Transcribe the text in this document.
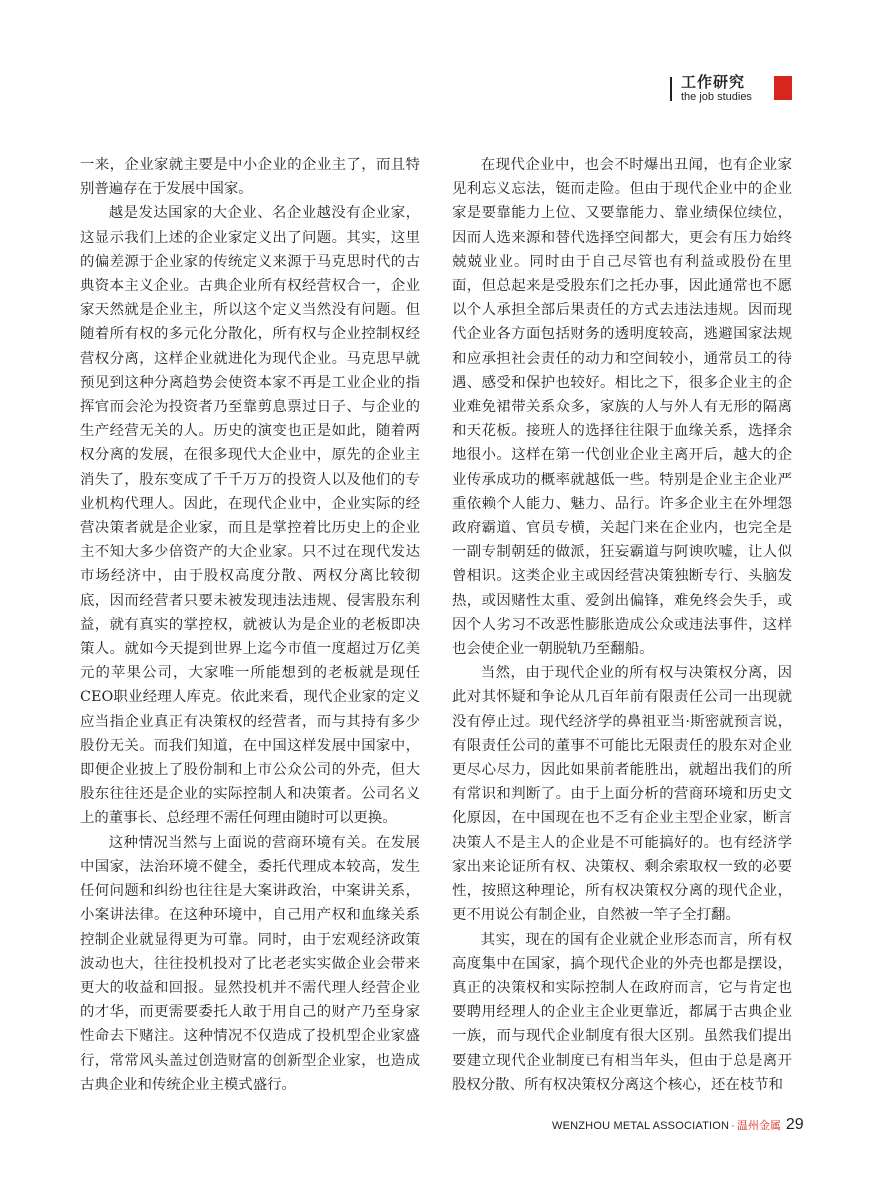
工作研究
the job studies

一来，企业家就主要是中小企业的企业主了，而且特别普遍存在于发展中国家。

越是发达国家的大企业、名企业越没有企业家，这显示我们上述的企业家定义出了问题。其实，这里的偏差源于企业家的传统定义来源于马克思时代的古典资本主义企业。古典企业所有权经营权合一，企业家天然就是企业主，所以这个定义当然没有问题。但随着所有权的多元化分散化，所有权与企业控制权经营权分离，这样企业就进化为现代企业。马克思早就预见到这种分离趋势会使资本家不再是工业企业的指挥官而会沦为投资者乃至靠剪息票过日子、与企业的生产经营无关的人。历史的演变也正是如此，随着两权分离的发展，在很多现代大企业中，原先的企业主消失了，股东变成了千千万万的投资人以及他们的专业机构代理人。因此，在现代企业中，企业实际的经营决策者就是企业家，而且是掌控着比历史上的企业主不知大多少倍资产的大企业家。只不过在现代发达市场经济中，由于股权高度分散、两权分离比较彻底，因而经营者只要未被发现违法违规、侵害股东利益，就有真实的掌控权，就被认为是企业的老板即决策人。就如今天提到世界上迄今市值一度超过万亿美元的苹果公司，大家唯一所能想到的老板就是现任CEO职业经理人库克。依此来看，现代企业家的定义应当指企业真正有决策权的经营者，而与其持有多少股份无关。而我们知道，在中国这样发展中国家中，即便企业披上了股份制和上市公众公司的外壳，但大股东往往还是企业的实际控制人和决策者。公司名义上的董事长、总经理不需任何理由随时可以更换。

这种情况当然与上面说的营商环境有关。在发展中国家，法治环境不健全，委托代理成本较高，发生任何问题和纠纷也往往是大案讲政治，中案讲关系，小案讲法律。在这种环境中，自己用产权和血缘关系控制企业就显得更为可靠。同时，由于宏观经济政策波动也大，往往投机投对了比老老实实做企业会带来更大的收益和回报。显然投机并不需代理人经营企业的才华，而更需要委托人敢于用自己的财产乃至身家性命去下赌注。这种情况不仅造成了投机型企业家盛行，常常风头盖过创造财富的创新型企业家，也造成古典企业和传统企业主模式盛行。

在现代企业中，也会不时爆出丑闻，也有企业家见利忘义忘法，铤而走险。但由于现代企业中的企业家是要靠能力上位、又要靠能力、靠业绩保位续位，因而人选来源和替代选择空间都大，更会有压力始终兢兢业业。同时由于自己尽管也有利益或股份在里面，但总起来是受股东们之托办事，因此通常也不愿以个人承担全部后果责任的方式去违法违规。因而现代企业各方面包括财务的透明度较高，逃避国家法规和应承担社会责任的动力和空间较小，通常员工的待遇、感受和保护也较好。相比之下，很多企业主的企业难免裙带关系众多，家族的人与外人有无形的隔离和天花板。接班人的选择往往限于血缘关系，选择余地很小。这样在第一代创业企业主离开后，越大的企业传承成功的概率就越低一些。特别是企业主企业严重依赖个人能力、魅力、品行。许多企业主在外埋怨政府霸道、官员专横，关起门来在企业内，也完全是一副专制朝廷的做派，狂妄霸道与阿谀吹嘘，让人似曾相识。这类企业主或因经营决策独断专行、头脑发热，或因赌性太重、爱剑出偏锋，难免终会失手，或因个人劣习不改恶性膨胀造成公众或违法事件，这样也会使企业一朝脱轨乃至翻船。

当然，由于现代企业的所有权与决策权分离，因此对其怀疑和争论从几百年前有限责任公司一出现就没有停止过。现代经济学的鼻祖亚当·斯密就预言说，有限责任公司的董事不可能比无限责任的股东对企业更尽心尽力，因此如果前者能胜出，就超出我们的所有常识和判断了。由于上面分析的营商环境和历史文化原因，在中国现在也不乏有企业主型企业家，断言决策人不是主人的企业是不可能搞好的。也有经济学家出来论证所有权、决策权、剩余索取权一致的必要性，按照这种理论，所有权决策权分离的现代企业，更不用说公有制企业，自然被一竿子全打翻。

其实，现在的国有企业就企业形态而言，所有权高度集中在国家，搞个现代企业的外壳也都是摆设，真正的决策权和实际控制人在政府而言，它与肯定也要聘用经理人的企业主企业更靠近，都属于古典企业一族，而与现代企业制度有很大区别。虽然我们提出要建立现代企业制度已有相当年头，但由于总是离开股权分散、所有权决策权分离这个核心，还在枝节和

WENZHOU METAL ASSOCIATION · 温州金属 29
